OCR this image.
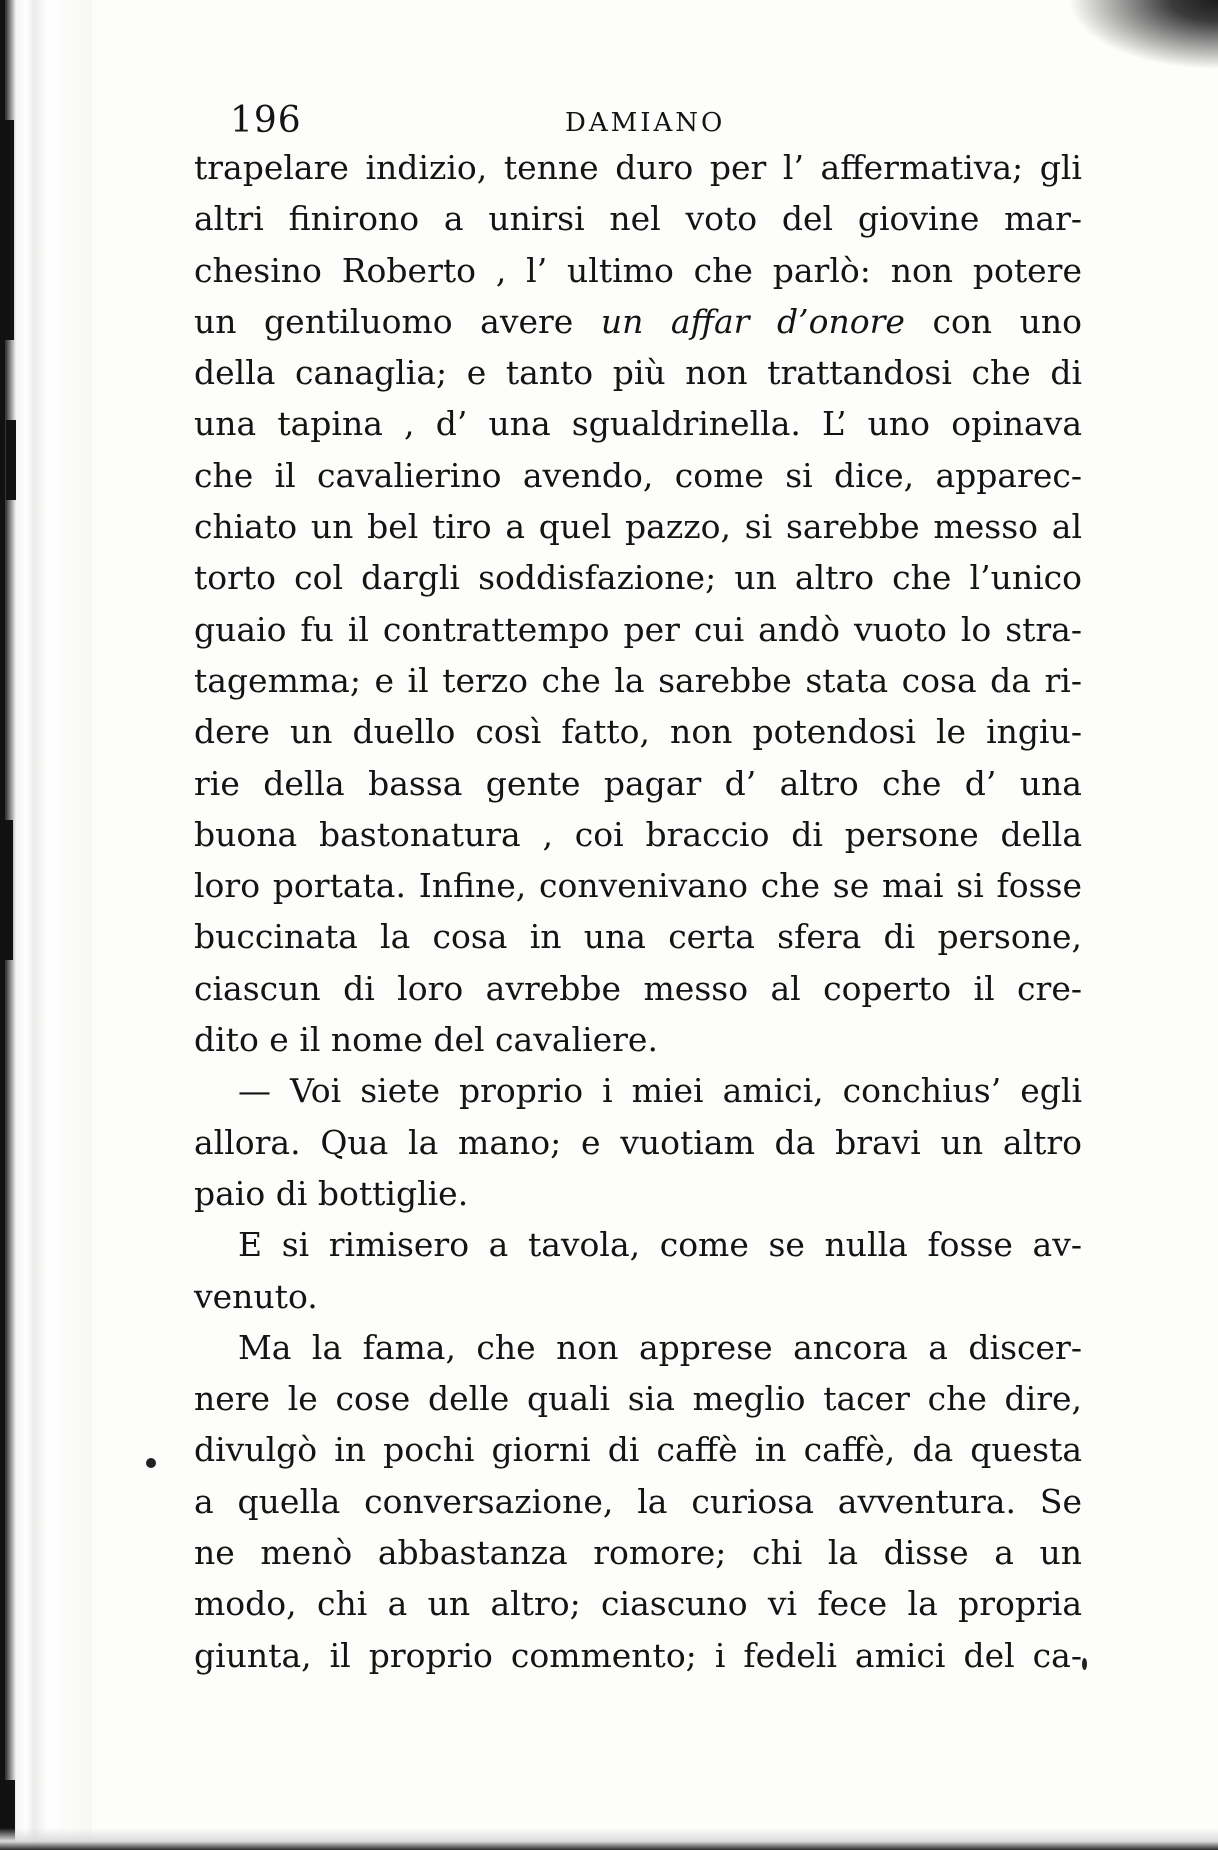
196	DAMIANO
trapelare indizio, tenne duro per l’ affermativa; gli
altri finirono a unirsi nel voto del giovine mar-
chesino Roberto , l’ ultimo che parlò: non potere
un gentiluomo avere un affar d’onore con uno
della canaglia; e tanto più non trattandosi che di
una tapina , d’ una sgualdrinella. L’ uno opinava
che il cavalierino avendo, come si dice, apparec-
chiato un bel tiro a quel pazzo, si sarebbe messo al
torto col dargli soddisfazione; un altro che l’unico
guaio fu il contrattempo per cui andò vuoto lo stra-
tagemma; e il terzo che la sarebbe stata cosa da ri-
dere un duello così fatto, non potendosi le ingiu-
rie della bassa gente pagar d’ altro che d’ una
buona bastonatura , coi braccio di persone della
loro portata. Infine, convenivano che se mai si fosse
buccinata la cosa in una certa sfera di persone,
ciascun di loro avrebbe messo al coperto il cre-
dito e il nome del cavaliere.
— Voi siete proprio i miei amici, conchius’ egli
allora. Qua la mano; e vuotiam da bravi un altro
paio di bottiglie.
E si rimisero a tavola, come se nulla fosse av-
venuto.
Ma la fama, che non apprese ancora a discer-
nere le cose delle quali sia meglio tacer che dire,
divulgò in pochi giorni di caffè in caffè, da questa
a quella conversazione, la curiosa avventura. Se
ne menò abbastanza romore; chi la disse a un
modo, chi a un altro; ciascuno vi fece la propria
giunta, il proprio commento; i fedeli amici del ca-
